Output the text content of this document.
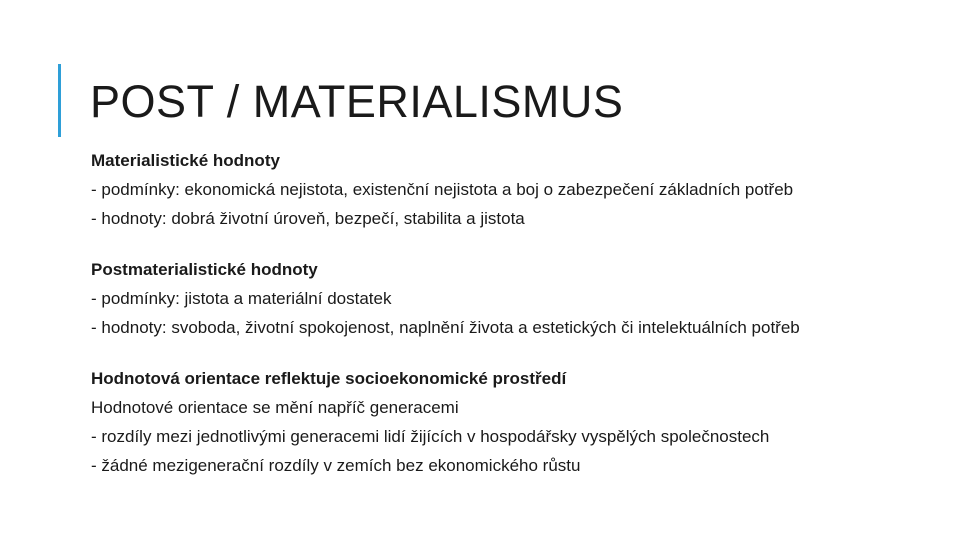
POST / MATERIALISMUS

Materialistické hodnoty

- podmínky: ekonomická nejistota, existenční nejistota a boj o zabezpečení základních potřeb

- hodnoty: dobrá životní úroveň, bezpečí, stabilita a jistota

Postmaterialistické hodnoty

- podmínky: jistota a materiální dostatek

- hodnoty: svoboda, životní spokojenost, naplnění života a estetických či intelektuálních potřeb

Hodnotová orientace reflektuje socioekonomické prostředí

Hodnotové orientace se mění napříč generacemi

- rozdíly mezi jednotlivými generacemi lidí žijících v hospodářsky vyspělých společnostech

- žádné mezigenerační rozdíly v zemích bez ekonomického růstu
